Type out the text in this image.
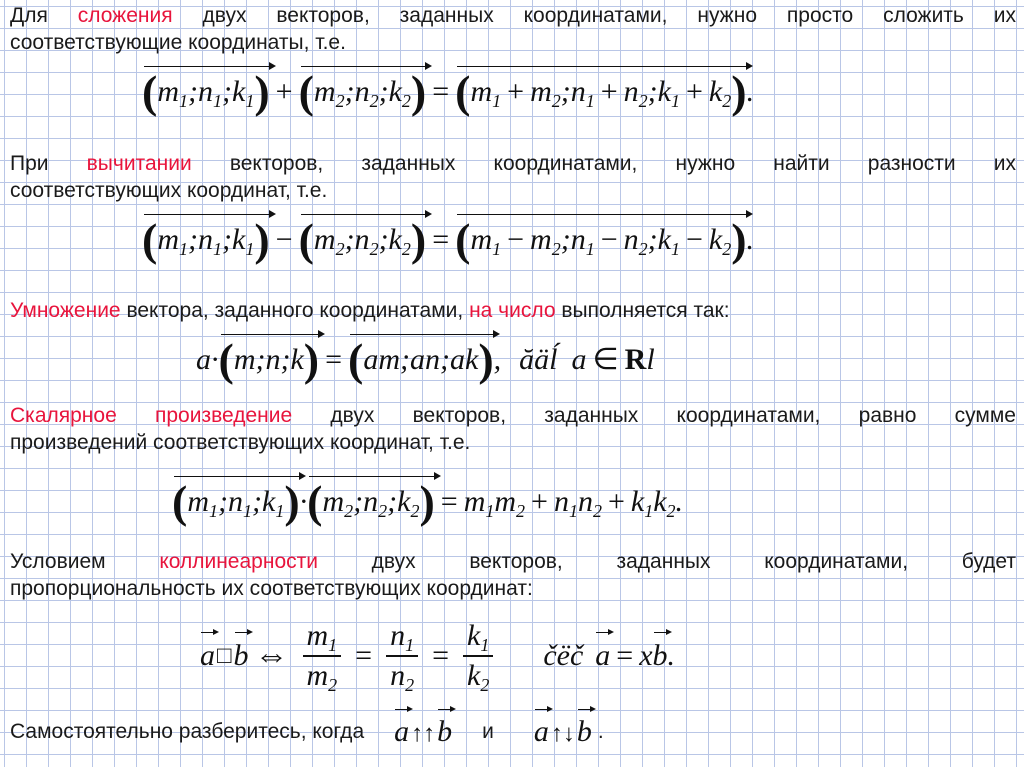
Для сложения двух векторов, заданных координатами, нужно просто сложить их
соответствующие координаты, т.е.
$(m_1;n_1;k_1)$ + $(m_2;n_2;k_2) = (m_1$ + $m_2;n_1$ + $n_2;k_1 + k_2$).
При вычитании векторов, заданных координатами, нужно найти разности их
соответствующих координат, т.е.
$(m_1;n_1;k_1)$ − $(m_2;n_2;k_2) = (m_1$ − $m_2;n_1$ − $n_2;k_1 - k_2$).
Умножение вектора, заданного координатами, на число выполняется так:
a·(m;n;k) = (am;an;ak), ăäĺ a ∈ Rl
Скалярное произведение двух векторов, заданных координатами, равно сумме
произведений соответствующих координат, т.е.
$(m_1;n_1;k_1)\cdot(m_2;n_2;k_2) = m_1m_2 + n_1n_2 + k_1k_2$.
Условием коллинеарности двух векторов, заданных координатами, будет
пропорциональность их соответствующих координат:
a □ b ⇔ $\frac{m_1}{m_2} = \frac{n_1}{n_2} = \frac{k_1}{k_2}$ čëč a = x b .
Самостоятельно разберитесь, когда a↑↑b и a↑↓b .
